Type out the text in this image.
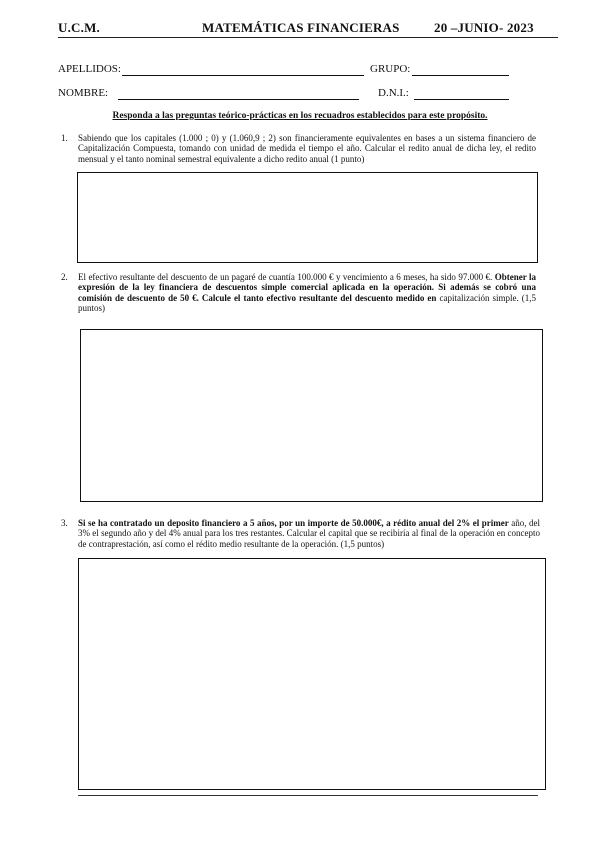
U.C.M.	MATEMÁTICAS FINANCIERAS	20 –JUNIO- 2023
APELLIDOS:	GRUPO:
NOMBRE:	D.N.I.:
Responda a las preguntas teórico-prácticas en los recuadros establecidos para este propósito.
1. Sabiendo que los capitales (1.000 ; 0) y (1.060,9 ; 2) son financieramente equivalentes en bases a un sistema financiero de Capitalización Compuesta, tomando con unidad de medida el tiempo el año. Calcular el redito anual de dicha ley, el redito mensual y el tanto nominal semestral equivalente a dicho redito anual (1 punto)
2. El efectivo resultante del descuento de un pagaré de cuantía 100.000 € y vencimiento a 6 meses, ha sido 97.000 €. Obtener la expresión de la ley financiera de descuentos simple comercial aplicada en la operación. Si además se cobró una comisión de descuento de 50 €. Calcule el tanto efectivo resultante del descuento medido en capitalización simple. (1,5 puntos)
3. Si se ha contratado un deposito financiero a 5 años, por un importe de 50.000€, a rédito anual del 2% el primer año, del 3% el segundo año y del 4% anual para los tres restantes. Calcular el capital que se recibiría al final de la operación en concepto de contraprestación, así como el rédito medio resultante de la operación. (1,5 puntos)
